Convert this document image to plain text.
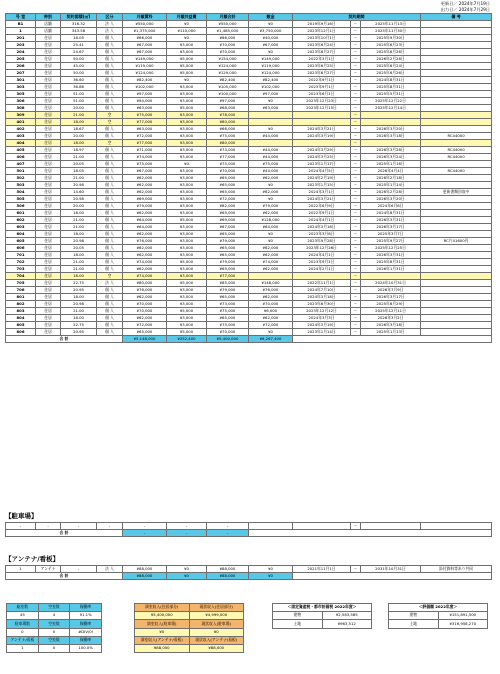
更新日／ 2024年7月19日
出力日／ 2024年7月29日
号 室	种别	契約面積(㎡)	区分	月額賃料	月額共益費	月額合計	敷金	契約期間			備 考
B1	店舗	316.32	法 人	¥550,000	¥0	¥550,000	¥0	2019年9月16日	~	2025年11月13日	
1	店舗	343.58	法 人	¥1,375,000	¥110,000	¥1,485,000	¥3,750,000	2023年12月1日	~	2025年11月30日	
201	住居	18.05	個 人	¥66,000	¥0	¥66,000	¥40,000	2023年10月1日	~	2025年9月30日	
203	住居	25.41	個 人	¥67,000	¥3,000	¥70,000	¥67,000	2023年6月24日	~	2025年6月23日	
204	住居	24.67	個 人	¥67,000	¥3,000	¥70,000	¥0	2023年6月27日	~	2025年6月26日	
205	住居	50.00	個 人	¥149,000	¥5,000	¥154,000	¥149,000	2022年3月1日	~	2026年2月28日	
206	住居	45.00	個 人	¥119,000	¥5,000	¥124,000	¥119,000	2023年6月25日	~	2025年6月24日	
207	住居	50.00	個 人	¥124,000	¥5,000	¥129,000	¥124,000	2023年6月27日	~	2025年6月26日	
301	住居	36.60	個 人	¥82,400	¥0	¥82,400	¥82,400	2022年9月1日	~	2024年8月31日	
303	住居	36.86	個 人	¥102,000	¥3,000	¥105,000	¥102,000	2023年9月1日	~	2025年8月31日	
305	住居	51.00	個 人	¥97,000	¥3,000	¥100,000	¥97,000	2023年6月1日	~	2025年5月31日	
306	住居	51.00	個 人	¥94,000	¥3,000	¥97,000	¥0	2023年12月23日	~	2025年12月22日	
308	住居	20.00	個 人	¥63,000	¥5,000	¥68,000	¥63,000	2023年12月15日	~	2025年12月14日	
309	住居	21.00	空	¥75,000	¥3,000	¥78,000			~		
401	住居	18.00	空	¥77,000	¥3,000	¥80,000			~		
402	住居	18.67	個 人	¥63,000	¥3,000	¥66,000	¥0	2024年3月21日	~	2026年3月20日	
403	住居	20.00	個 人	¥72,000	¥3,000	¥75,000	¥44,000	2024年3月19日	~	2026年3月18日	RC44000
404	住居	18.00	空	¥77,000	¥3,000	¥80,000			~		
405	住居	18.97	個 人	¥71,000	¥3,000	¥74,000	¥44,000	2024年3月29日	~	2026年3月28日	RC44000
406	住居	21.00	個 人	¥74,000	¥3,000	¥77,000	¥44,000	2024年3月25日	~	2026年3月24日	RC44000
407	住居	20.05	個 人	¥75,000	¥0	¥75,000	¥75,000	2023年1月17日	~	2025年1月16日	
501	住居	18.05	個 人	¥67,000	¥3,000	¥70,000	¥44,000	2024年4月5日	~	2026年4月4日	RC44000
502	住居	21.00	個 人	¥62,000	¥3,000	¥65,000	¥62,000	2024年2月19日	~	2026年2月18日	
503	住居	20.98	個 人	¥62,000	¥3,000	¥65,000	¥0	2023年1月15日	~	2025年1月14日	
504	住居	14.60	個 人	¥62,000	¥3,000	¥65,000	¥62,000	2024年3月1日	~	2026年2月28日	更新書類回収中
505	住居	20.98	個 人	¥69,000	¥3,000	¥72,000	¥0	2024年3月21日	~	2026年3月20日	
506	住居	20.00	個 人	¥79,000	¥3,000	¥82,000	¥79,000	2022年6月9日	~	2024年6月8日	
601	住居	18.00	個 人	¥62,000	¥3,000	¥65,000	¥62,000	2022年9月1日	~	2024年8月31日	
602	住居	21.00	個 人	¥64,000	¥5,000	¥69,000	¥128,000	2024年4月1日	~	2026年3月31日	
603	住居	21.00	個 人	¥64,000	¥3,000	¥67,000	¥64,000	2024年3月18日	~	2026年3月17日	
604	住居	18.00	個 人	¥62,000	¥3,000	¥65,000	¥0	2023年3月8日	~	2025年3月7日	
605	住居	20.98	個 人	¥76,000	¥3,000	¥79,000	¥0	2023年9月28日	~	2025年9月27日	RC片41600円
606	住居	20.05	個 人	¥62,000	¥3,000	¥65,000	¥62,000	2023年12月26日	~	2025年12月25日	
701	住居	18.00	個 人	¥62,000	¥3,000	¥65,000	¥62,000	2024年4月1日	~	2026年3月31日	
702	住居	21.00	個 人	¥74,000	¥5,000	¥79,000	¥74,000	2023年9月1日	~	2025年8月31日	
703	住居	21.00	個 人	¥62,000	¥3,000	¥65,000	¥62,000	2024年2月1日	~	2026年1月31日	
704	住居	18.00	空	¥74,000	¥3,000	¥77,000			~		
705	住居	22.75	法 人	¥80,000	¥5,000	¥85,000	¥148,000	2022年11月1日	~	2024年10月31日	
706	住居	20.95	個 人	¥76,000	¥3,000	¥79,000	¥76,000	2024年7月10日	~	2026年7月9日	
801	住居	18.00	個 人	¥62,000	¥3,000	¥65,000	¥62,000	2024年3月18日	~	2026年3月17日	
802	住居	20.98	個 人	¥70,000	¥3,000	¥73,000	¥70,000	2023年6月30日	~	2025年6月29日	
803	住居	21.00	個 人	¥70,000	¥5,000	¥75,000	¥6,000	2023年12月12日	~	2025年12月11日	
804	住居	18.00	個 人	¥62,000	¥3,000	¥65,000	¥62,000	2024年3月3日	~	2026年3月2日	
805	住居	22.75	個 人	¥72,000	¥3,000	¥75,000	¥72,000	2024年3月19日	~	2026年3月18日	
806	住居	20.95	個 人	¥65,000	¥5,000	¥70,000	¥0	2023年1月14日	~	2025年1月13日	
合 計				¥5,148,000	¥252,400	¥5,400,000	¥6,267,400				
【駐車場】
-	-	-	-	-	-	-			~		
合 計				-	-	-					
【アンテナ/看板】
1	アンテナ	-	法 人	¥88,000	¥0	¥88,000	¥0	2021年11月1日	~	2031年10月31日	添付資料等あり共同
合 計				¥88,000	¥0	¥88,000	¥0				
総室数	空室数	稼働率
45	4	91.1%
駐車場数	空室数	稼働率
0	0	#DIV/0!
アンテナ/看板	空室数	稼働率
1	0	100.0%
満室収入(住居部分)	現状収入(住居部分)
¥5,400,000	¥4,999,000
満室収入(駐車場)	現状収入(駐車場)
¥0	¥0
満室収入(アンテナ/看板)	現状収入(アンテナ/看板)
¥88,000	¥88,000
＜固定資産税・都市計画税 2022年度＞	
建物	¥2,583,585
土地	¥963,512
＜評価額 2022年度＞	
建物	¥151,891,500
土地	¥316,958,270
